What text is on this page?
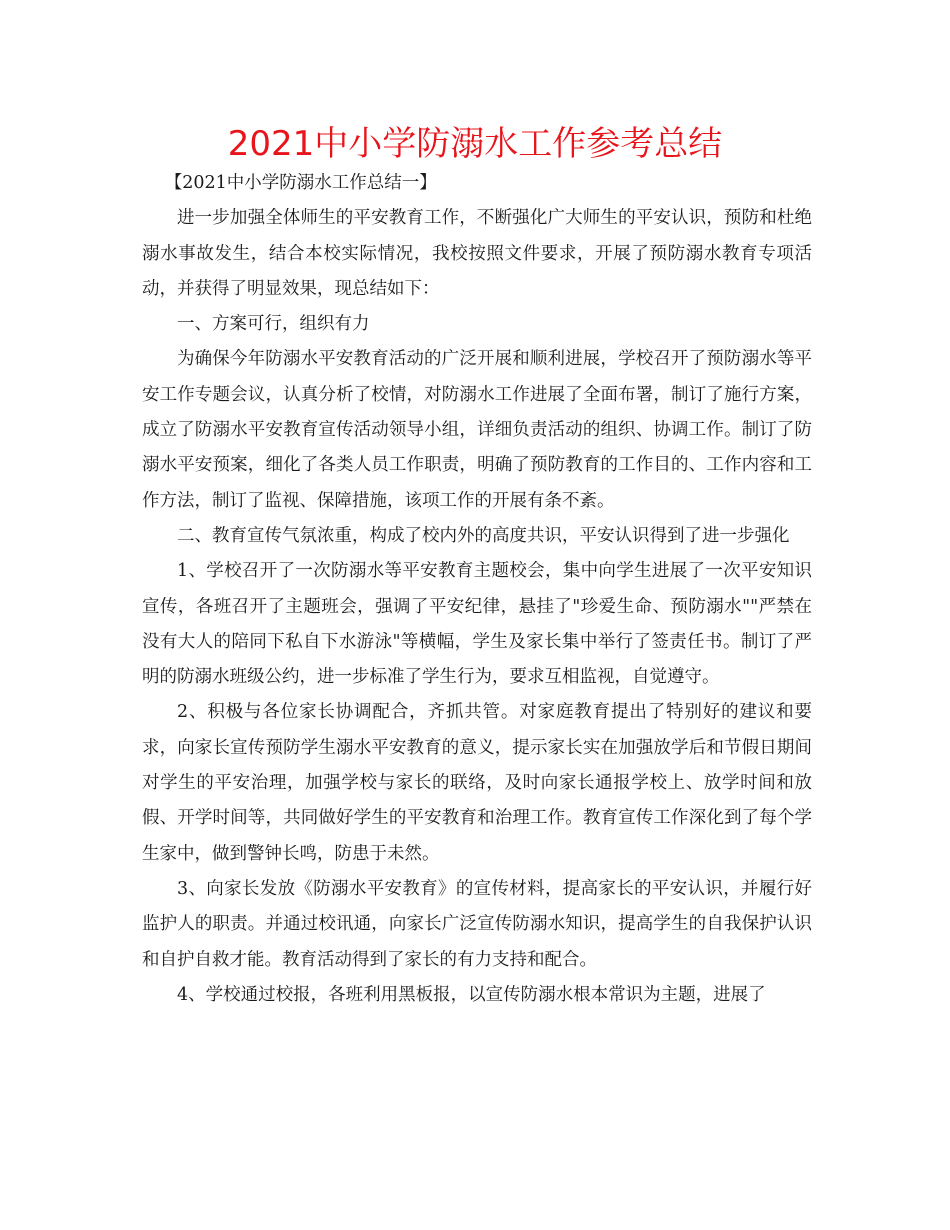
2021中小学防溺水工作参考总结

【2021中小学防溺水工作总结一】

进一步加强全体师生的平安教育工作，不断强化广大师生的平安认识，预防和杜绝溺水事故发生，结合本校实际情况，我校按照文件要求，开展了预防溺水教育专项活动，并获得了明显效果，现总结如下：

一、方案可行，组织有力

为确保今年防溺水平安教育活动的广泛开展和顺利进展，学校召开了预防溺水等平安工作专题会议，认真分析了校情，对防溺水工作进展了全面布署，制订了施行方案，成立了防溺水平安教育宣传活动领导小组，详细负责活动的组织、协调工作。制订了防溺水平安预案，细化了各类人员工作职责，明确了预防教育的工作目的、工作内容和工作方法，制订了监视、保障措施，该项工作的开展有条不紊。

二、教育宣传气氛浓重，构成了校内外的高度共识，平安认识得到了进一步强化

1、学校召开了一次防溺水等平安教育主题校会，集中向学生进展了一次平安知识宣传，各班召开了主题班会，强调了平安纪律，悬挂了"珍爱生命、预防溺水""严禁在没有大人的陪同下私自下水游泳"等横幅，学生及家长集中举行了签责任书。制订了严明的防溺水班级公约，进一步标准了学生行为，要求互相监视，自觉遵守。

2、积极与各位家长协调配合，齐抓共管。对家庭教育提出了特别好的建议和要求，向家长宣传预防学生溺水平安教育的意义，提示家长实在加强放学后和节假日期间对学生的平安治理，加强学校与家长的联络，及时向家长通报学校上、放学时间和放假、开学时间等，共同做好学生的平安教育和治理工作。教育宣传工作深化到了每个学生家中，做到警钟长鸣，防患于未然。

3、向家长发放《防溺水平安教育》的宣传材料，提高家长的平安认识，并履行好监护人的职责。并通过校讯通，向家长广泛宣传防溺水知识，提高学生的自我保护认识和自护自救才能。教育活动得到了家长的有力支持和配合。

4、学校通过校报，各班利用黑板报，以宣传防溺水根本常识为主题，进展了
